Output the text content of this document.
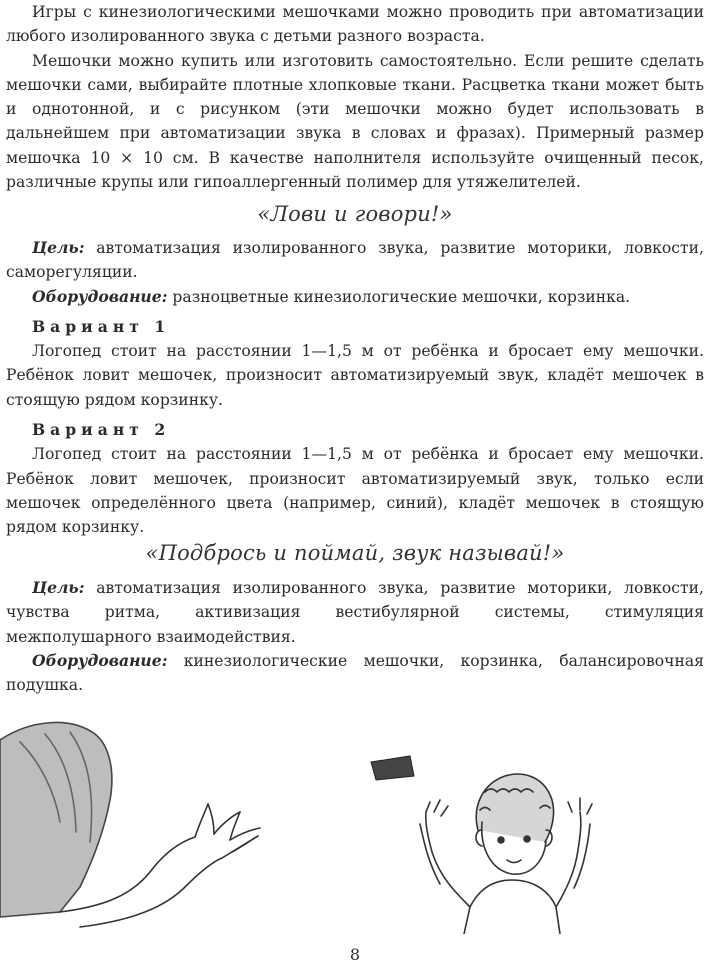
Игры с кинезиологическими мешочками можно проводить при автоматизации любого изолированного звука с детьми разного возраста.

Мешочки можно купить или изготовить самостоятельно. Если решите сделать мешочки сами, выбирайте плотные хлопковые ткани. Расцветка ткани может быть и однотонной, и с рисунком (эти мешочки можно будет использовать в дальнейшем при автоматизации звука в словах и фразах). Примерный размер мешочка 10 × 10 см. В качестве наполнителя используйте очищенный песок, различные крупы или гипоаллергенный полимер для утяжелителей.

«Лови и говори!»

Цель: автоматизация изолированного звука, развитие моторики, ловкости, саморегуляции.

Оборудование: разноцветные кинезиологические мешочки, корзинка.

Вариант 1

Логопед стоит на расстоянии 1—1,5 м от ребёнка и бросает ему мешочки. Ребёнок ловит мешочек, произносит автоматизируемый звук, кладёт мешочек в стоящую рядом корзинку.

Вариант 2

Логопед стоит на расстоянии 1—1,5 м от ребёнка и бросает ему мешочки. Ребёнок ловит мешочек, произносит автоматизируемый звук, только если мешочек определённого цвета (например, синий), кладёт мешочек в стоящую рядом корзинку.

«Подбрось и поймай, звук называй!»

Цель: автоматизация изолированного звука, развитие моторики, ловкости, чувства ритма, активизация вестибулярной системы, стимуляция межполушарного взаимодействия.

Оборудование: кинезиологические мешочки, корзинка, балансировочная подушка.

8
